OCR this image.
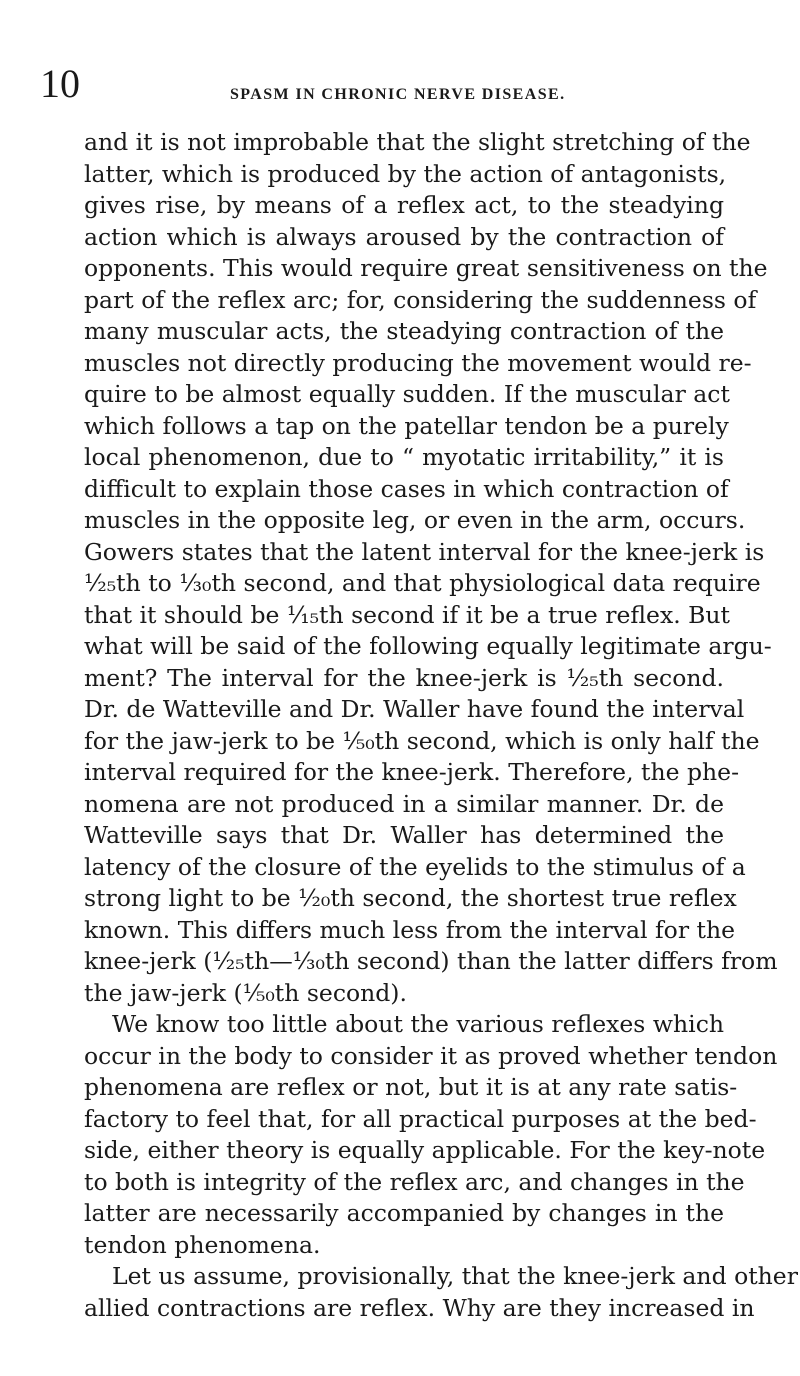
10	SPASM IN CHRONIC NERVE DISEASE.
and it is not improbable that the slight stretching of the
latter, which is produced by the action of antagonists,
gives rise, by means of a reflex act, to the steadying
action which is always aroused by the contraction of
opponents. This would require great sensitiveness on the
part of the reflex arc; for, considering the suddenness of
many muscular acts, the steadying contraction of the
muscles not directly producing the movement would re-
quire to be almost equally sudden. If the muscular act
which follows a tap on the patellar tendon be a purely
local phenomenon, due to “ myotatic irritability,” it is
difficult to explain those cases in which contraction of
muscles in the opposite leg, or even in the arm, occurs.
Gowers states that the latent interval for the knee-jerk is
¹⁄₂₅th to ¹⁄₃₀th second, and that physiological data require
that it should be ¹⁄₁₅th second if it be a true reflex. But
what will be said of the following equally legitimate argu-
ment? The interval for the knee-jerk is ¹⁄₂₅th second.
Dr. de Watteville and Dr. Waller have found the interval
for the jaw-jerk to be ¹⁄₅₀th second, which is only half the
interval required for the knee-jerk. Therefore, the phe-
nomena are not produced in a similar manner. Dr. de
Watteville says that Dr. Waller has determined the
latency of the closure of the eyelids to the stimulus of a
strong light to be ¹⁄₂₀th second, the shortest true reflex
known. This differs much less from the interval for the
knee-jerk (¹⁄₂₅th—¹⁄₃₀th second) than the latter differs from
the jaw-jerk (¹⁄₅₀th second).
We know too little about the various reflexes which
occur in the body to consider it as proved whether tendon
phenomena are reflex or not, but it is at any rate satis-
factory to feel that, for all practical purposes at the bed-
side, either theory is equally applicable. For the key-note
to both is integrity of the reflex arc, and changes in the
latter are necessarily accompanied by changes in the
tendon phenomena.
Let us assume, provisionally, that the knee-jerk and other
allied contractions are reflex. Why are they increased in
